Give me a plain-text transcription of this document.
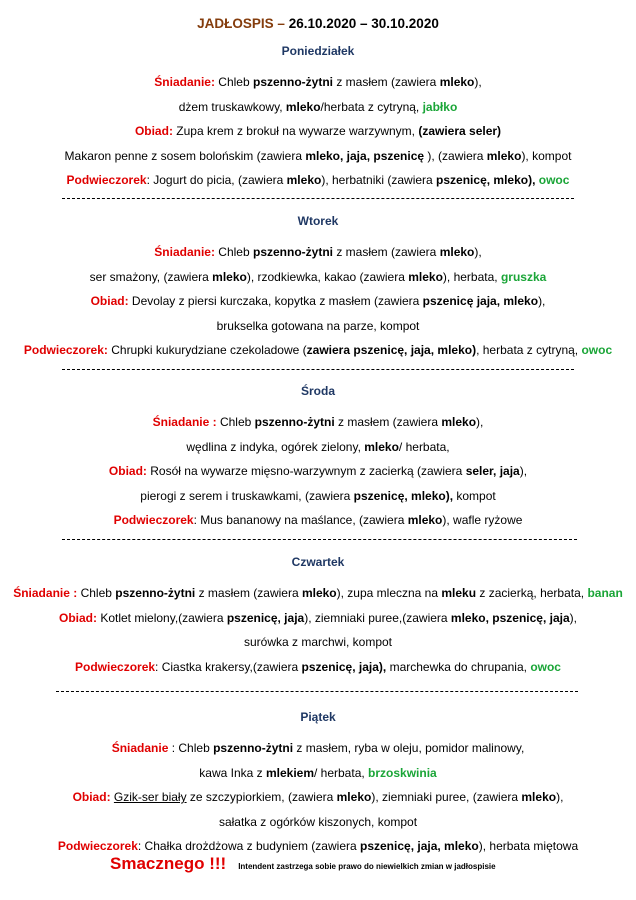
JADŁOSPIS – 26.10.2020 – 30.10.2020
Poniedziałek
Śniadanie: Chleb pszenno-żytni z masłem (zawiera mleko),
dżem truskawkowy, mleko/herbata z cytryną, jabłko
Obiad: Zupa krem z brokuł na wywarze warzywnym, (zawiera seler)
Makaron penne z sosem bolońskim (zawiera mleko, jaja, pszenicę ), (zawiera mleko), kompot
Podwieczorek: Jogurt do picia, (zawiera mleko), herbatniki (zawiera pszenicę, mleko), owoc
Wtorek
Śniadanie: Chleb pszenno-żytni z masłem (zawiera mleko),
ser smażony, (zawiera mleko), rzodkiewka, kakao (zawiera mleko), herbata, gruszka
Obiad: Devolay z piersi kurczaka, kopytka z masłem (zawiera pszenicę jaja, mleko),
brukselka gotowana na parze, kompot
Podwieczorek: Chrupki kukurydziane czekoladowe (zawiera pszenicę, jaja, mleko), herbata z cytryną, owoc
Środa
Śniadanie : Chleb pszenno-żytni z masłem (zawiera mleko),
wędlina z indyka, ogórek zielony, mleko/ herbata,
Obiad: Rosół na wywarze mięsno-warzywnym z zacierką (zawiera seler, jaja),
pierogi z serem i truskawkami, (zawiera pszenicę, mleko), kompot
Podwieczorek: Mus bananowy na maślance, (zawiera mleko), wafle ryżowe
Czwartek
Śniadanie : Chleb pszenno-żytni z masłem (zawiera mleko), zupa mleczna na mleku z zacierką, herbata, banan
Obiad: Kotlet mielony,(zawiera pszenicę, jaja), ziemniaki puree,(zawiera mleko, pszenicę, jaja),
surówka z marchwi, kompot
Podwieczorek: Ciastka krakersy,(zawiera pszenicę, jaja), marchewka do chrupania, owoc
Piątek
Śniadanie : Chleb pszenno-żytni z masłem, ryba w oleju, pomidor malinowy,
kawa Inka z mlekiem/ herbata, brzoskwinia
Obiad: Gzik-ser biały ze szczypiorkiem, (zawiera mleko), ziemniaki puree, (zawiera mleko),
sałatka z ogórków kiszonych, kompot
Podwieczorek: Chałka drożdżowa z budyniem (zawiera pszenicę, jaja, mleko), herbata miętowa
Smacznego !!! Intendent zastrzega sobie prawo do niewielkich zmian w jadłospisie
